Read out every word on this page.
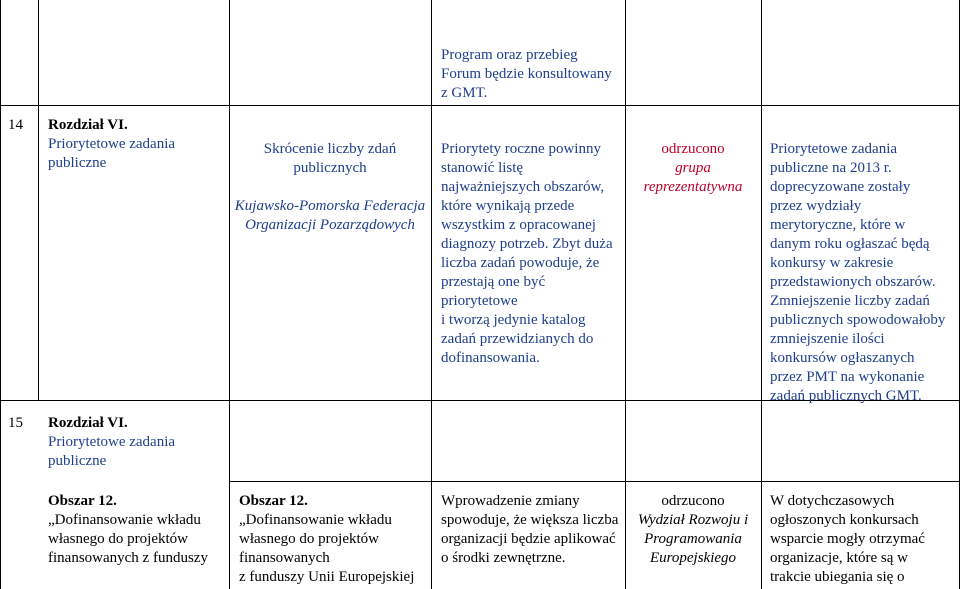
Program oraz przebieg
Forum będzie konsultowany
z GMT.
14 Rozdział VI.
Priorytetowe zadania
publiczne
Skrócenie liczby zdań
publicznych
Kujawsko-Pomorska Federacja
Organizacji Pozarządowych
Priorytety roczne powinny
stanowić listę
najważniejszych obszarów,
które wynikają przede
wszystkim z opracowanej
diagnozy potrzeb. Zbyt duża
liczba zadań powoduje, że
przestają one być
priorytetowe
i tworzą jedynie katalog
zadań przewidzianych do
dofinansowania.
odrzucono
grupa
reprezentatywna
Priorytetowe zadania
publiczne na 2013 r.
doprecyzowane zostały
przez wydziały
merytoryczne, które w
danym roku ogłaszać będą
konkursy w zakresie
przedstawionych obszarów.
Zmniejszenie liczby zadań
publicznych spowodowałoby
zmniejszenie ilości
konkursów ogłaszanych
przez PMT na wykonanie
zadań publicznych GMT.
15 Rozdział VI.
Priorytetowe zadania
publiczne
Obszar 12.
„Dofinansowanie wkładu
własnego do projektów
finansowanych z funduszy
Obszar 12.
„Dofinansowanie wkładu
własnego do projektów
finansowanych
z funduszy Unii Europejskiej
Wprowadzenie zmiany
spowoduje, że większa liczba
organizacji będzie aplikować
o środki zewnętrzne.
odrzucono
Wydział Rozwoju i
Programowania
Europejskiego
W dotychczasowych
ogłoszonych konkursach
wsparcie mogły otrzymać
organizacje, które są w
trakcie ubiegania się o
